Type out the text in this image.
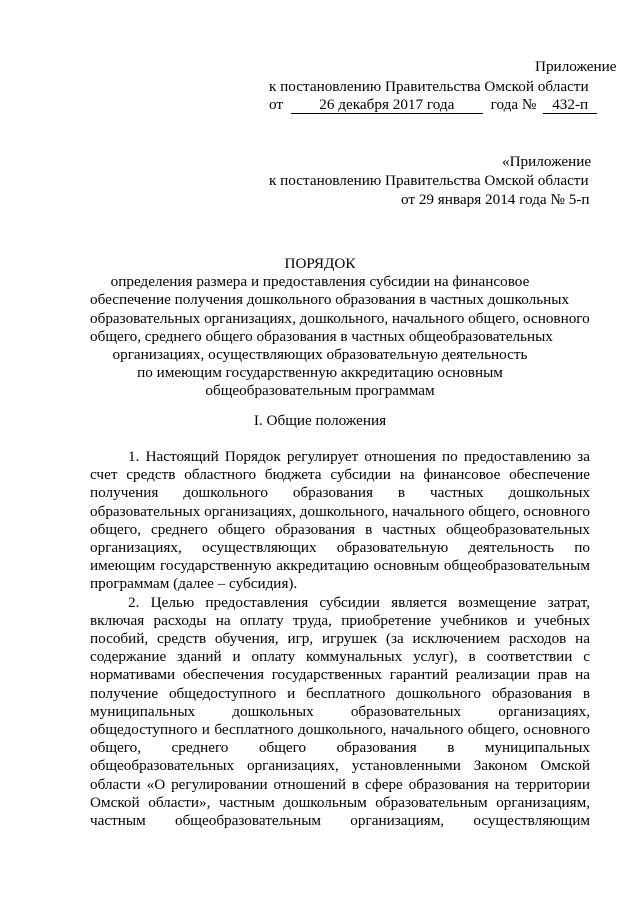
Приложение
к постановлению Правительства Омской области
от 26 декабря 2017 года года № 432-п
«Приложение
к постановлению Правительства Омской области
от 29 января 2014 года № 5-п
ПОРЯДОК
определения размера и предоставления субсидии на финансовое
обеспечение получения дошкольного образования в частных дошкольных
образовательных организациях, дошкольного, начального общего, основного
общего, среднего общего образования в частных общеобразовательных
организациях, осуществляющих образовательную деятельность
по имеющим государственную аккредитацию основным
общеобразовательным программам
I. Общие положения

1. Настоящий Порядок регулирует отношения по предоставлению за счет средств областного бюджета субсидии на финансовое обеспечение получения дошкольного образования в частных дошкольных образовательных организациях, дошкольного, начального общего, основного общего, среднего общего образования в частных общеобразовательных организациях, осуществляющих образовательную деятельность по имеющим государственную аккредитацию основным общеобразовательным программам (далее – субсидия).

2. Целью предоставления субсидии является возмещение затрат, включая расходы на оплату труда, приобретение учебников и учебных пособий, средств обучения, игр, игрушек (за исключением расходов на содержание зданий и оплату коммунальных услуг), в соответствии с нормативами обеспечения государственных гарантий реализации прав на получение общедоступного и бесплатного дошкольного образования в муниципальных дошкольных образовательных организациях, общедоступного и бесплатного дошкольного, начального общего, основного общего, среднего общего образования в муниципальных общеобразовательных организациях, установленными Законом Омской области «О регулировании отношений в сфере образования на территории Омской области», частным дошкольным образовательным организациям, частным общеобразовательным организациям, осуществляющим
